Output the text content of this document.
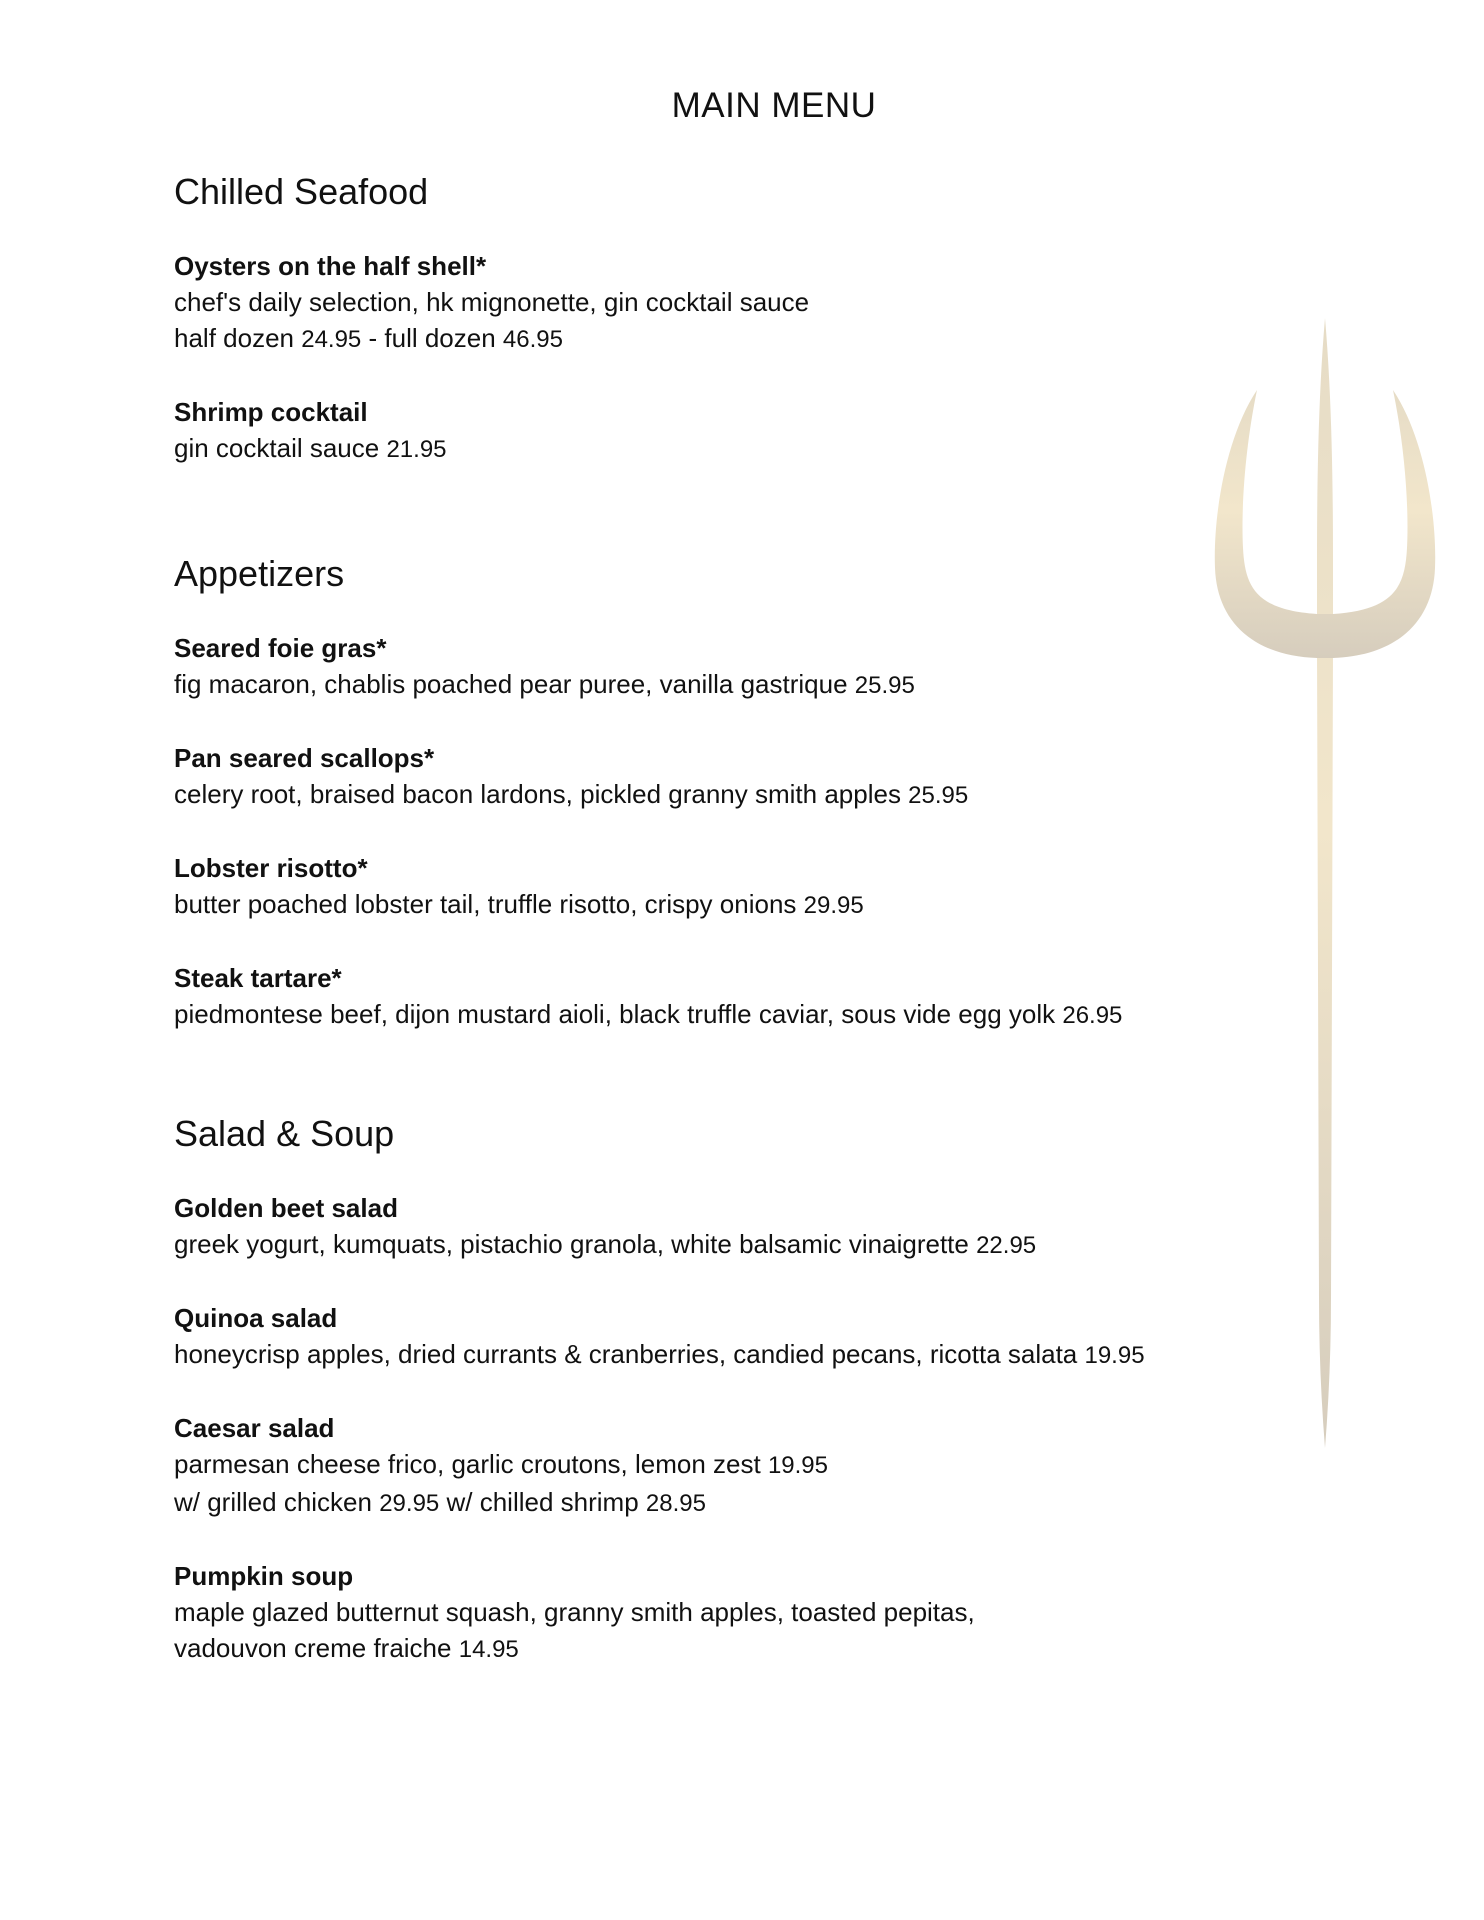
MAIN MENU
Chilled Seafood

Oysters on the half shell*

chef's daily selection, hk mignonette, gin cocktail sauce

half dozen 24.95 - full dozen 46.95

Shrimp cocktail

gin cocktail sauce 21.95

Appetizers

Seared foie gras*

fig macaron, chablis poached pear puree, vanilla gastrique 25.95

Pan seared scallops*

celery root, braised bacon lardons, pickled granny smith apples 25.95

Lobster risotto*

butter poached lobster tail, truffle risotto, crispy onions 29.95

Steak tartare*

piedmontese beef, dijon mustard aioli, black truffle caviar, sous vide egg yolk 26.95

Salad & Soup

Golden beet salad

greek yogurt, kumquats, pistachio granola, white balsamic vinaigrette 22.95

Quinoa salad

honeycrisp apples, dried currants & cranberries, candied pecans, ricotta salata 19.95

Caesar salad

parmesan cheese frico, garlic croutons, lemon zest 19.95

w/ grilled chicken 29.95 w/ chilled shrimp 28.95

Pumpkin soup

maple glazed butternut squash, granny smith apples, toasted pepitas,

vadouvon creme fraiche 14.95
